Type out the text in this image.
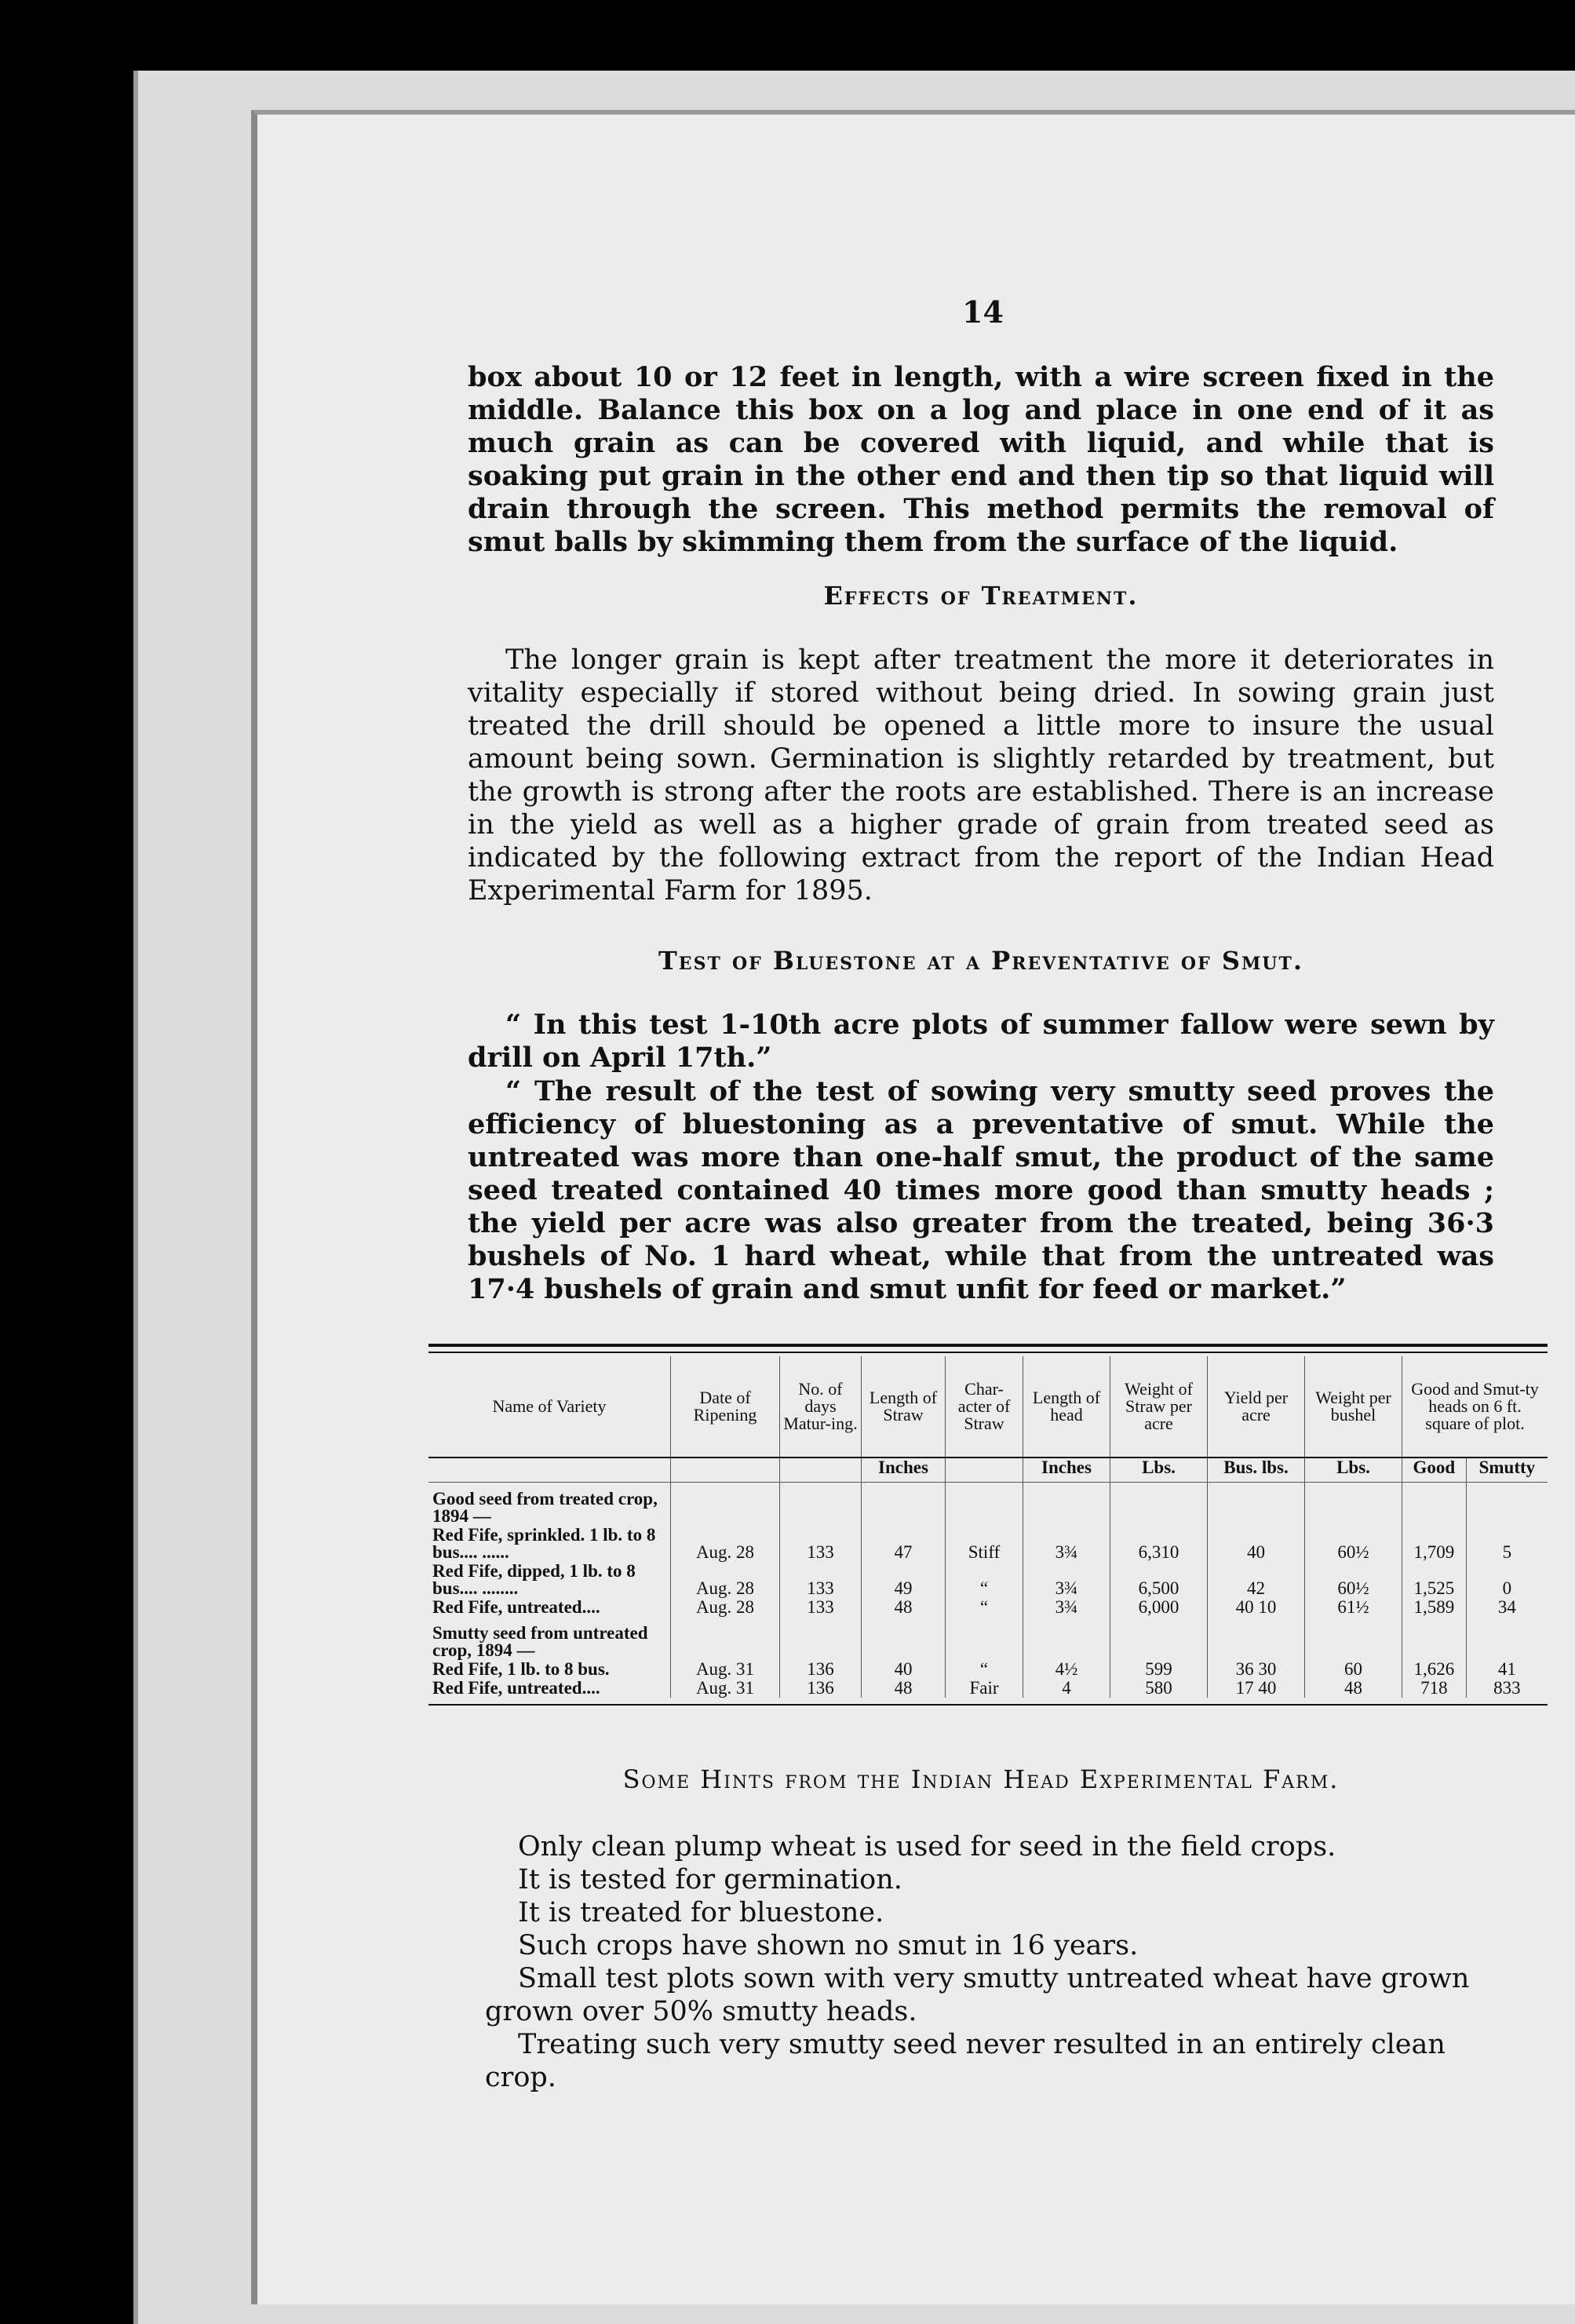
14

box about 10 or 12 feet in length, with a wire screen fixed in the middle. Balance this box on a log and place in one end of it as much grain as can be covered with liquid, and while that is soaking put grain in the other end and then tip so that liquid will drain through the screen. This method permits the removal of smut balls by skimming them from the surface of the liquid.

Effects of Treatment.

The longer grain is kept after treatment the more it deteriorates in vitality especially if stored without being dried. In sowing grain just treated the drill should be opened a little more to insure the usual amount being sown. Germination is slightly retarded by treatment, but the growth is strong after the roots are established. There is an increase in the yield as well as a higher grade of grain from treated seed as indicated by the following extract from the report of the Indian Head Experimental Farm for 1895.

Test of Bluestone at a Preventative of Smut.

“ In this test 1-10th acre plots of summer fallow were sewn by drill on April 17th.”

“ The result of the test of sowing very smutty seed proves the efficiency of bluestoning as a preventative of smut. While the untreated was more than one-half smut, the product of the same seed treated contained 40 times more good than smutty heads ; the yield per acre was also greater from the treated, being 36·3 bushels of No. 1 hard wheat, while that from the untreated was 17·4 bushels of grain and smut unfit for feed or market.”

Name of Variety	Date of Ripening	No. of days Matur-ing.	Length of Straw	Char-acter of Straw	Length of head	Weight of Straw per acre	Yield per acre	Weight per bushel	Good and Smut-ty heads on 6 ft. square of plot.	
			Inches		Inches	Lbs.	Bus. lbs.	Lbs.	Good	Smutty
Good seed from treated crop, 1894 —										
Red Fife, sprinkled. 1 lb. to 8 bus.... ......	Aug. 28	133	47	Stiff	3¾	6,310	40	60½	1,709	5
Red Fife, dipped, 1 lb. to 8 bus.... ........	Aug. 28	133	49	“	3¾	6,500	42	60½	1,525	0
Red Fife, untreated....	Aug. 28	133	48	“	3¾	6,000	40 10	61½	1,589	34
Smutty seed from untreated crop, 1894 —										
Red Fife, 1 lb. to 8 bus.	Aug. 31	136	40	“	4½	599	36 30	60	1,626	41
Red Fife, untreated....	Aug. 31	136	48	Fair	4	580	17 40	48	718	833
Some Hints from the Indian Head Experimental Farm.

Only clean plump wheat is used for seed in the field crops.

It is tested for germination.

It is treated for bluestone.

Such crops have shown no smut in 16 years.

Small test plots sown with very smutty untreated wheat have grown grown over 50% smutty heads.

Treating such very smutty seed never resulted in an entirely clean crop.
